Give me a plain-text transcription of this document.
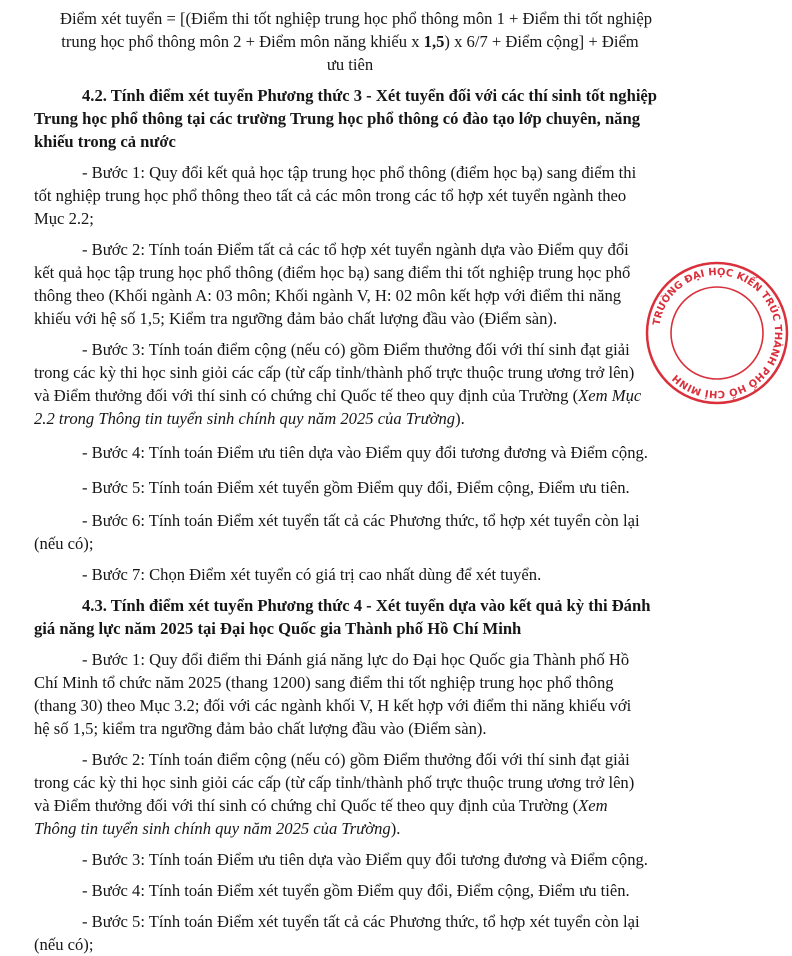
Điểm xét tuyển = [(Điểm thi tốt nghiệp trung học phổ thông môn 1 + Điểm thi tốt nghiệp
trung học phổ thông môn 2 + Điểm môn năng khiếu x 1,5) x 6/7 + Điểm cộng] + Điểm
ưu tiên
4.2. Tính điểm xét tuyển Phương thức 3 - Xét tuyển đối với các thí sinh tốt nghiệp
Trung học phổ thông tại các trường Trung học phổ thông có đào tạo lớp chuyên, năng
khiếu trong cả nước
- Bước 1: Quy đổi kết quả học tập trung học phổ thông (điểm học bạ) sang điểm thi
tốt nghiệp trung học phổ thông theo tất cả các môn trong các tổ hợp xét tuyển ngành theo
Mục 2.2;
- Bước 2: Tính toán Điểm tất cả các tổ hợp xét tuyển ngành dựa vào Điểm quy đổi
kết quả học tập trung học phổ thông (điểm học bạ) sang điểm thi tốt nghiệp trung học phổ
thông theo (Khối ngành A: 03 môn; Khối ngành V, H: 02 môn kết hợp với điểm thi năng
khiếu với hệ số 1,5; Kiểm tra ngưỡng đảm bảo chất lượng đầu vào (Điểm sàn).
- Bước 3: Tính toán điểm cộng (nếu có) gồm Điểm thưởng đối với thí sinh đạt giải
trong các kỳ thi học sinh giỏi các cấp (từ cấp tỉnh/thành phố trực thuộc trung ương trở lên)
và Điểm thưởng đối với thí sinh có chứng chỉ Quốc tế theo quy định của Trường (Xem Mục
2.2 trong Thông tin tuyển sinh chính quy năm 2025 của Trường).
- Bước 4: Tính toán Điểm ưu tiên dựa vào Điểm quy đổi tương đương và Điểm cộng.
- Bước 5: Tính toán Điểm xét tuyển gồm Điểm quy đổi, Điểm cộng, Điểm ưu tiên.
- Bước 6: Tính toán Điểm xét tuyển tất cả các Phương thức, tổ hợp xét tuyển còn lại
(nếu có);
- Bước 7: Chọn Điểm xét tuyển có giá trị cao nhất dùng để xét tuyển.
4.3. Tính điểm xét tuyển Phương thức 4 - Xét tuyển dựa vào kết quả kỳ thi Đánh
giá năng lực năm 2025 tại Đại học Quốc gia Thành phố Hồ Chí Minh
- Bước 1: Quy đổi điểm thi Đánh giá năng lực do Đại học Quốc gia Thành phố Hồ
Chí Minh tổ chức năm 2025 (thang 1200) sang điểm thi tốt nghiệp trung học phổ thông
(thang 30) theo Mục 3.2; đối với các ngành khối V, H kết hợp với điểm thi năng khiếu với
hệ số 1,5; kiểm tra ngưỡng đảm bảo chất lượng đầu vào (Điểm sàn).
- Bước 2: Tính toán điểm cộng (nếu có) gồm Điểm thưởng đối với thí sinh đạt giải
trong các kỳ thi học sinh giỏi các cấp (từ cấp tỉnh/thành phố trực thuộc trung ương trở lên)
và Điểm thưởng đối với thí sinh có chứng chỉ Quốc tế theo quy định của Trường (Xem
Thông tin tuyển sinh chính quy năm 2025 của Trường).
- Bước 3: Tính toán Điểm ưu tiên dựa vào Điểm quy đổi tương đương và Điểm cộng.
- Bước 4: Tính toán Điểm xét tuyển gồm Điểm quy đổi, Điểm cộng, Điểm ưu tiên.
- Bước 5: Tính toán Điểm xét tuyển tất cả các Phương thức, tổ hợp xét tuyển còn lại
(nếu có);
TRƯỜNG ĐẠI HỌC KIẾN TRÚC THÀNH PHỐ HỒ CHÍ MINH
